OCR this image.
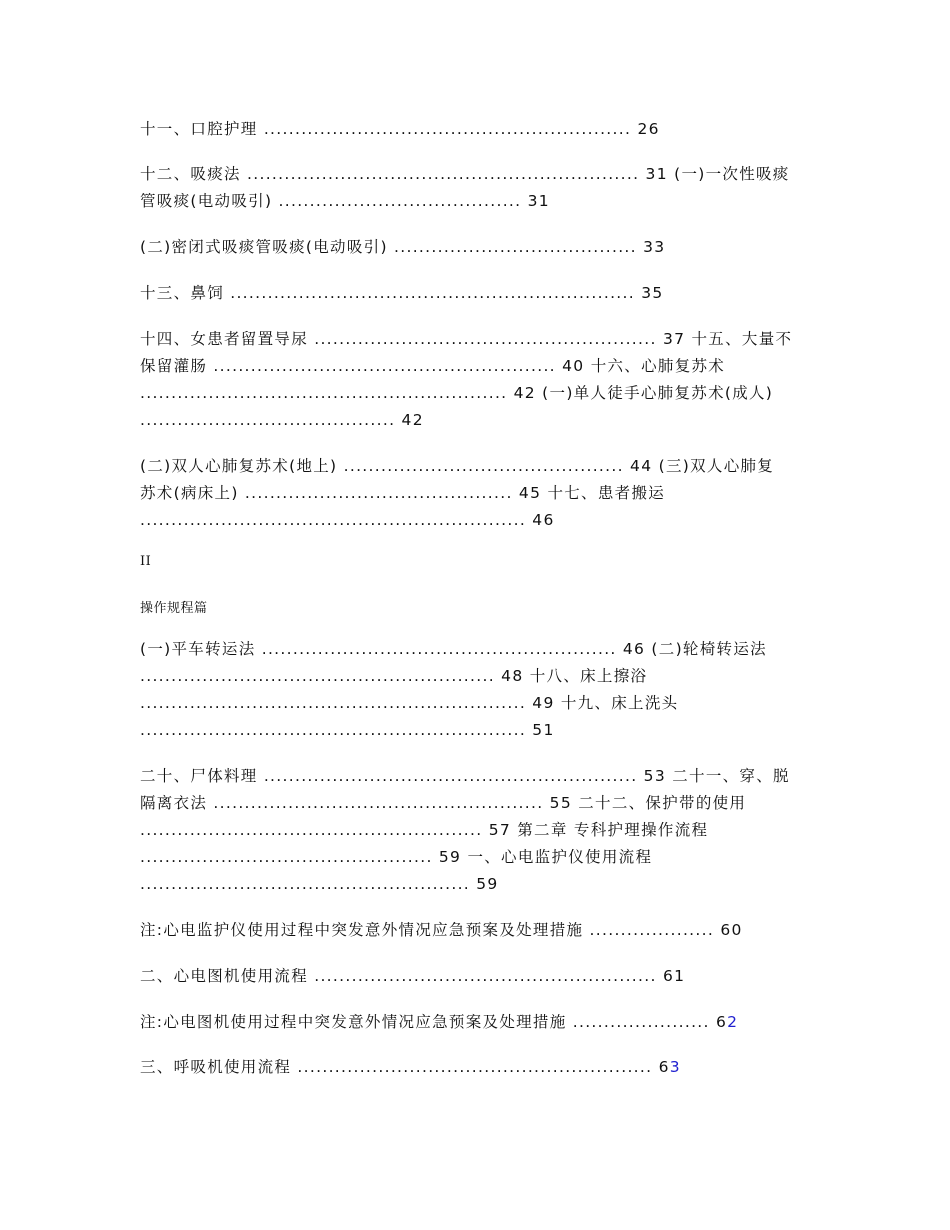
十一、口腔护理 ........................................................... 26
十二、吸痰法 ............................................................... 31 (一)一次性吸痰
管吸痰(电动吸引) ....................................... 31
(二)密闭式吸痰管吸痰(电动吸引) ....................................... 33
十三、鼻饲 ................................................................. 35
十四、女患者留置导尿 ....................................................... 37 十五、大量不
保留灌肠 ....................................................... 40 十六、心肺复苏术
........................................................... 42 (一)单人徒手心肺复苏术(成人)
......................................... 42
(二)双人心肺复苏术(地上) ............................................. 44 (三)双人心肺复
苏术(病床上) ........................................... 45 十七、患者搬运
.............................................................. 46
II
操作规程篇
(一)平车转运法 ......................................................... 46 (二)轮椅转运法
......................................................... 48 十八、床上擦浴
.............................................................. 49 十九、床上洗头
.............................................................. 51
二十、尸体料理 ............................................................ 53 二十一、穿、脱
隔离衣法 ..................................................... 55 二十二、保护带的使用
....................................................... 57 第二章 专科护理操作流程
............................................... 59 一、心电监护仪使用流程
..................................................... 59
注:心电监护仪使用过程中突发意外情况应急预案及处理措施 .................... 60
二、心电图机使用流程 ....................................................... 61
注:心电图机使用过程中突发意外情况应急预案及处理措施 ...................... 62
三、呼吸机使用流程 ......................................................... 63
